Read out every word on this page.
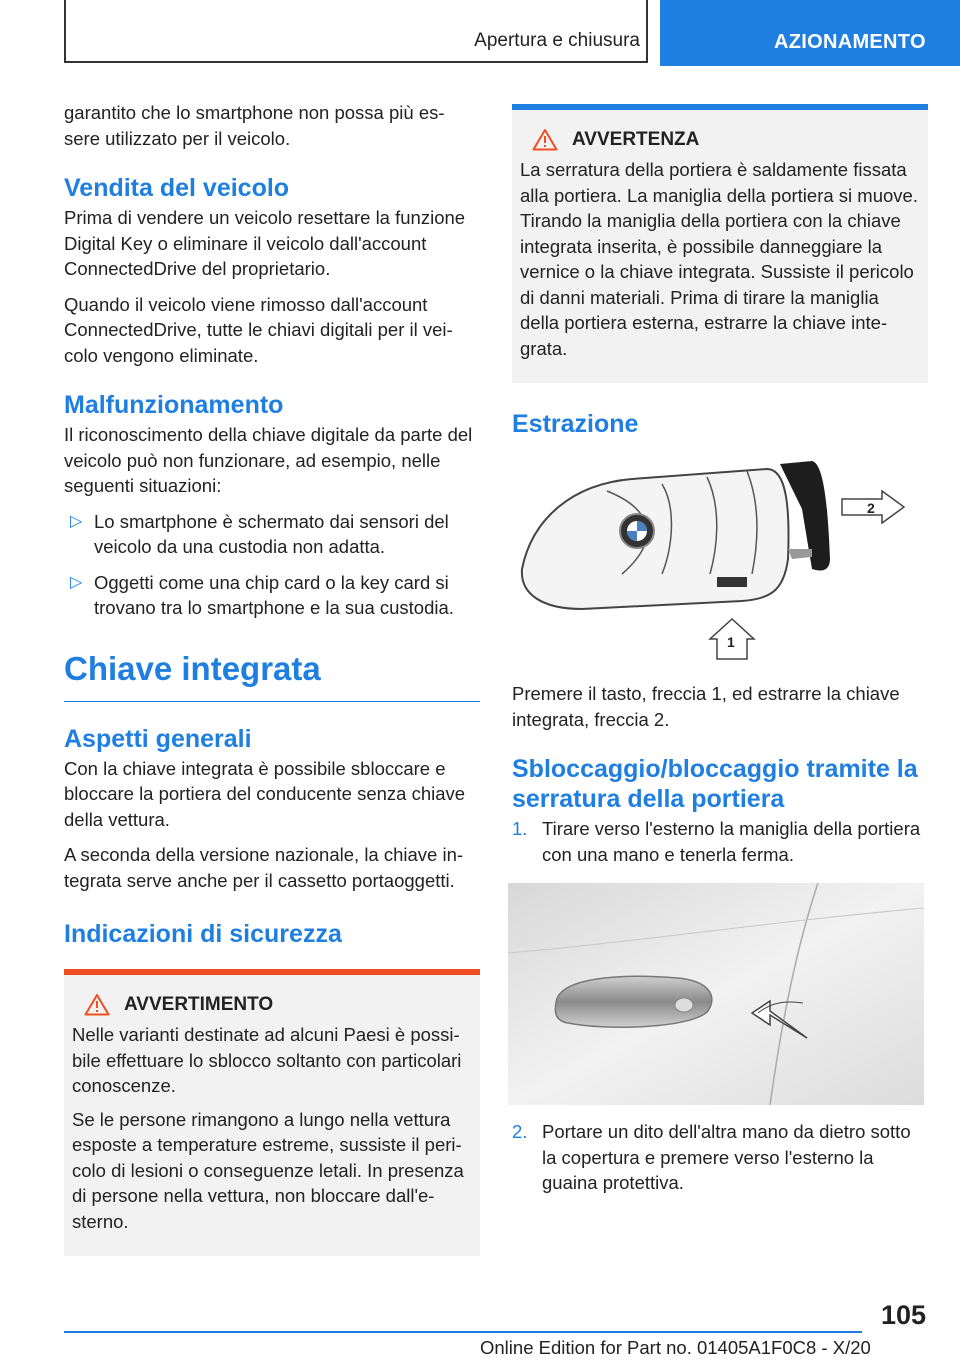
Apertura e chiusura	AZIONAMENTO

garantito che lo smartphone non possa più es-sere utilizzato per il veicolo.

Vendita del veicolo

Prima di vendere un veicolo resettare la funzione Digital Key o eliminare il veicolo dall'account ConnectedDrive del proprietario.

Quando il veicolo viene rimosso dall'account ConnectedDrive, tutte le chiavi digitali per il vei-colo vengono eliminate.

Malfunzionamento

Il riconoscimento della chiave digitale da parte del veicolo può non funzionare, ad esempio, nelle seguenti situazioni:

▷ Lo smartphone è schermato dai sensori del veicolo da una custodia non adatta.
▷ Oggetti come una chip card o la key card si trovano tra lo smartphone e la sua custodia.
Chiave integrata
Aspetti generali

Con la chiave integrata è possibile sbloccare e bloccare la portiera del conducente senza chiave della vettura.

A seconda della versione nazionale, la chiave in-tegrata serve anche per il cassetto portaoggetti.

Indicazioni di sicurezza
AVVERTIMENTO

Nelle varianti destinate ad alcuni Paesi è possi-bile effettuare lo sblocco soltanto con particolari conoscenze.

Se le persone rimangono a lungo nella vettura esposte a temperature estreme, sussiste il peri-colo di lesioni o conseguenze letali. In presenza di persone nella vettura, non bloccare dall'e-sterno.

AVVERTENZA

La serratura della portiera è saldamente fissata alla portiera. La maniglia della portiera si muove. Tirando la maniglia della portiera con la chiave integrata inserita, è possibile danneggiare la vernice o la chiave integrata. Sussiste il pericolo di danni materiali. Prima di tirare la maniglia della portiera esterna, estrarre la chiave inte-grata.

Estrazione
2
1

Premere il tasto, freccia 1, ed estrarre la chiave integrata, freccia 2.

Sbloccaggio/bloccaggio tramite la serratura della portiera
1. Tirare verso l'esterno la maniglia della portiera con una mano e tenerla ferma.
2. Portare un dito dell'altra mano da dietro sotto la copertura e premere verso l'esterno la guaina protettiva.
105
Online Edition for Part no. 01405A1F0C8 - X/20
